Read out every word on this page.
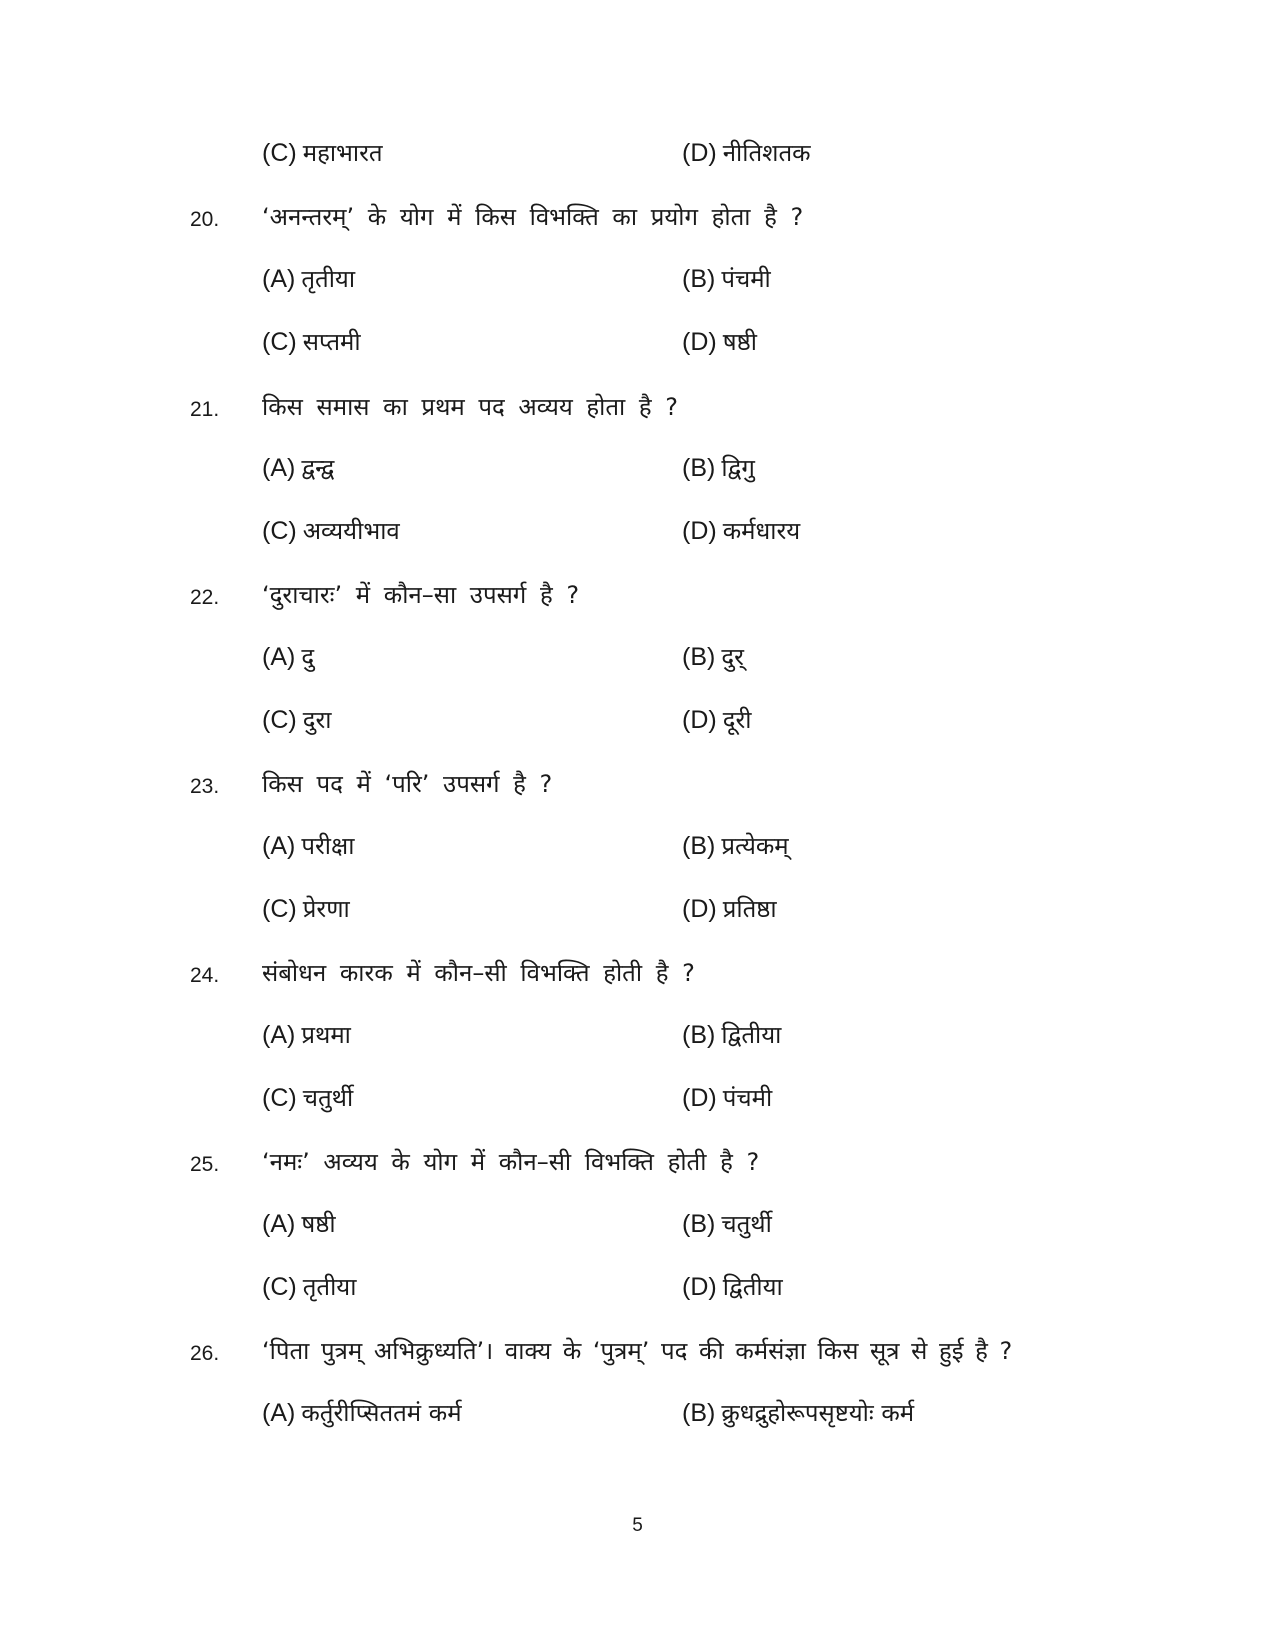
(C) महाभारत	(D) नीतिशतक
20. ‘अनन्तरम्’ के योग में किस विभक्ति का प्रयोग होता है ?
(A) तृतीया	(B) पंचमी
(C) सप्तमी	(D) षष्ठी
21. किस समास का प्रथम पद अव्यय होता है ?
(A) द्वन्द्व	(B) द्विगु
(C) अव्ययीभाव	(D) कर्मधारय
22. ‘दुराचारः’ में कौन–सा उपसर्ग है ?
(A) दु	(B) दुर्
(C) दुरा	(D) दूरी
23. किस पद में ‘परि’ उपसर्ग है ?
(A) परीक्षा	(B) प्रत्येकम्
(C) प्रेरणा	(D) प्रतिष्ठा
24. संबोधन कारक में कौन–सी विभक्ति होती है ?
(A) प्रथमा	(B) द्वितीया
(C) चतुर्थी	(D) पंचमी
25. ‘नमः’ अव्यय के योग में कौन–सी विभक्ति होती है ?
(A) षष्ठी	(B) चतुर्थी
(C) तृतीया	(D) द्वितीया
26. ‘पिता पुत्रम् अभिक्रुध्यति’। वाक्य के ‘पुत्रम्’ पद की कर्मसंज्ञा किस सूत्र से हुई है ?
(A) कर्तुरीप्सिततमं कर्म	(B) क्रुधद्रुहोरूपसृष्टयोः कर्म
5
